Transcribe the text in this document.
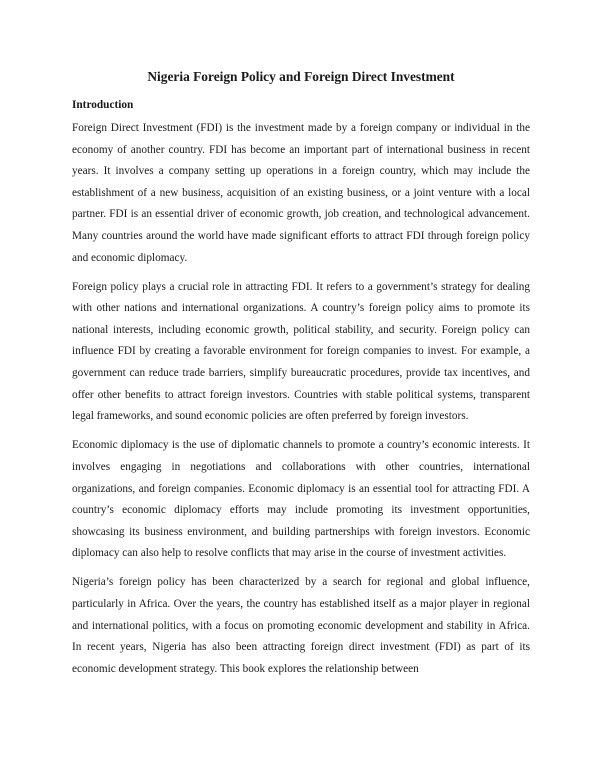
Nigeria Foreign Policy and Foreign Direct Investment
Introduction

Foreign Direct Investment (FDI) is the investment made by a foreign company or individual in the economy of another country. FDI has become an important part of international business in recent years. It involves a company setting up operations in a foreign country, which may include the establishment of a new business, acquisition of an existing business, or a joint venture with a local partner. FDI is an essential driver of economic growth, job creation, and technological advancement. Many countries around the world have made significant efforts to attract FDI through foreign policy and economic diplomacy.

Foreign policy plays a crucial role in attracting FDI. It refers to a government’s strategy for dealing with other nations and international organizations. A country’s foreign policy aims to promote its national interests, including economic growth, political stability, and security. Foreign policy can influence FDI by creating a favorable environment for foreign companies to invest. For example, a government can reduce trade barriers, simplify bureaucratic procedures, provide tax incentives, and offer other benefits to attract foreign investors. Countries with stable political systems, transparent legal frameworks, and sound economic policies are often preferred by foreign investors.

Economic diplomacy is the use of diplomatic channels to promote a country’s economic interests. It involves engaging in negotiations and collaborations with other countries, international organizations, and foreign companies. Economic diplomacy is an essential tool for attracting FDI. A country’s economic diplomacy efforts may include promoting its investment opportunities, showcasing its business environment, and building partnerships with foreign investors. Economic diplomacy can also help to resolve conflicts that may arise in the course of investment activities.

Nigeria’s foreign policy has been characterized by a search for regional and global influence, particularly in Africa. Over the years, the country has established itself as a major player in regional and international politics, with a focus on promoting economic development and stability in Africa. In recent years, Nigeria has also been attracting foreign direct investment (FDI) as part of its economic development strategy. This book explores the relationship between
